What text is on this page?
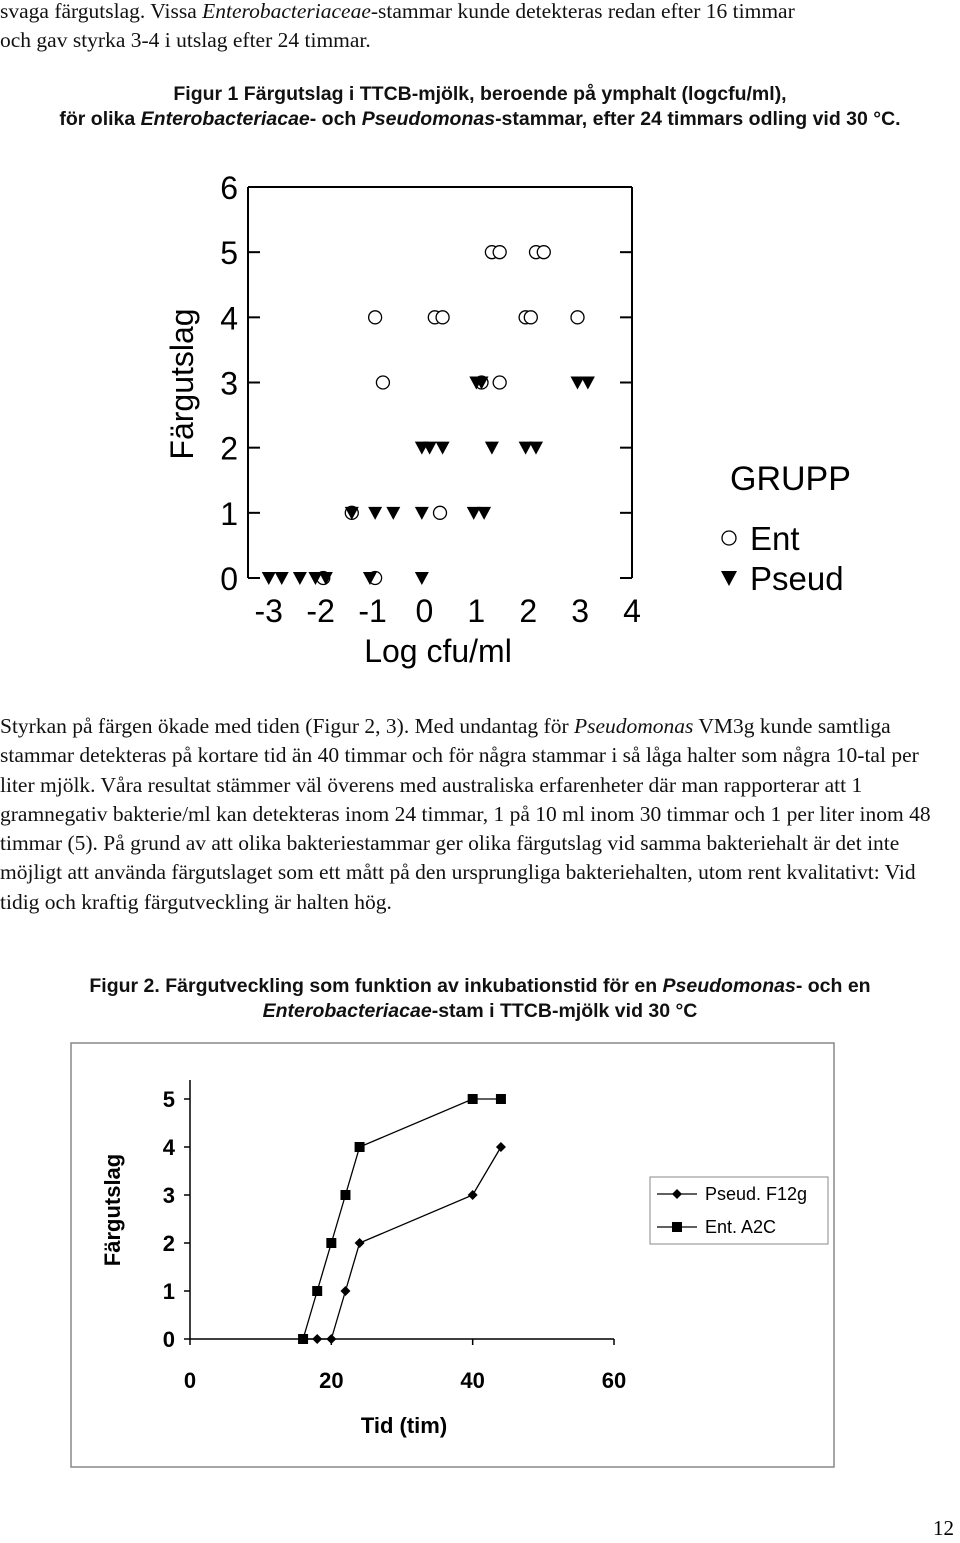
svaga färgutslag. Vissa Enterobacteriaceae-stammar kunde detekteras redan efter 16 timmar
och gav styrka 3-4 i utslag efter 24 timmar.

Figur 1 Färgutslag i TTCB-mjölk, beroende på ymphalt (logcfu/ml),
för olika Enterobacteriacae- och Pseudomonas-stammar, efter 24 timmars odling vid 30 °C.
0
1
2
3
4
5
6
-3 -2 -1 0 1 2 3 4
Färgutslag
Log cfu/ml
GRUPP
Ent
Pseud

Styrkan på färgen ökade med tiden (Figur 2, 3). Med undantag för Pseudomonas VM3g kunde samtliga stammar detekteras på kortare tid än 40 timmar och för några stammar i så låga halter som några 10-tal per liter mjölk. Våra resultat stämmer väl överens med australiska erfarenheter där man rapporterar att 1 gramnegativ bakterie/ml kan detekteras inom 24 timmar, 1 på 10 ml inom 30 timmar och 1 per liter inom 48 timmar (5). På grund av att olika bakteriestammar ger olika färgutslag vid samma bakteriehalt är det inte möjligt att använda färgutslaget som ett mått på den ursprungliga bakteriehalten, utom rent kvalitativt: Vid tidig och kraftig färgutveckling är halten hög.

Figur 2. Färgutveckling som funktion av inkubationstid för en Pseudomonas- och en
Enterobacteriacae-stam i TTCB-mjölk vid 30 °C
0
1
2
3
4
5
0	20	40	60
Färgutslag
Tid (tim)
Pseud. F12g
Ent. A2C
12
